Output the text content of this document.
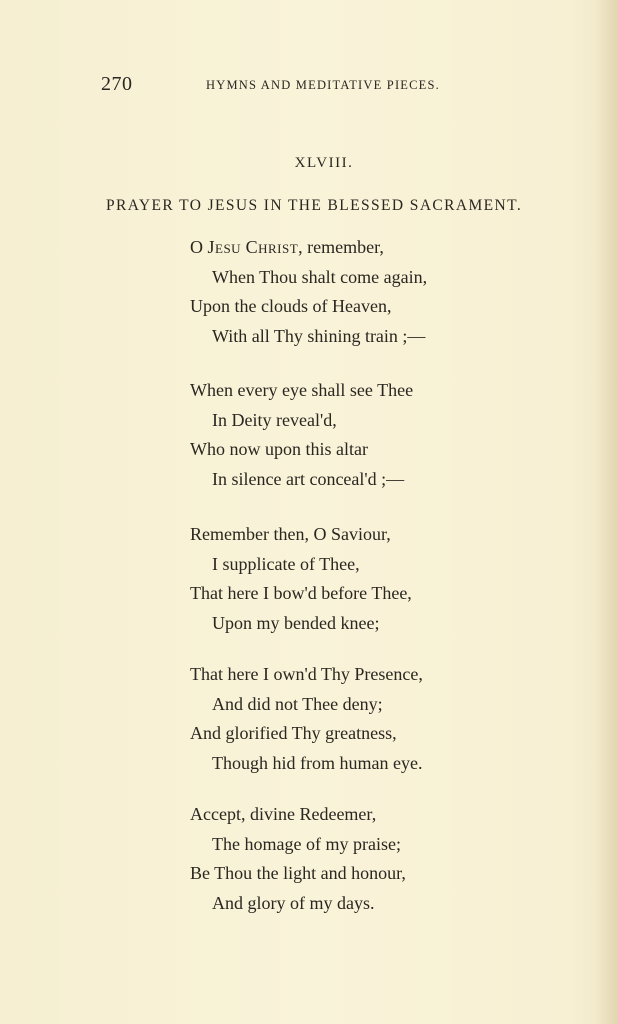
270	HYMNS AND MEDITATIVE PIECES.
XLVIII.
PRAYER TO JESUS IN THE BLESSED SACRAMENT.
O Jesu Christ, remember,
When Thou shalt come again,
Upon the clouds of Heaven,
With all Thy shining train ;—
When every eye shall see Thee
In Deity reveal'd,
Who now upon this altar
In silence art conceal'd ;—
Remember then, O Saviour,
I supplicate of Thee,
That here I bow'd before Thee,
Upon my bended knee;
That here I own'd Thy Presence,
And did not Thee deny;
And glorified Thy greatness,
Though hid from human eye.
Accept, divine Redeemer,
The homage of my praise;
Be Thou the light and honour,
And glory of my days.
